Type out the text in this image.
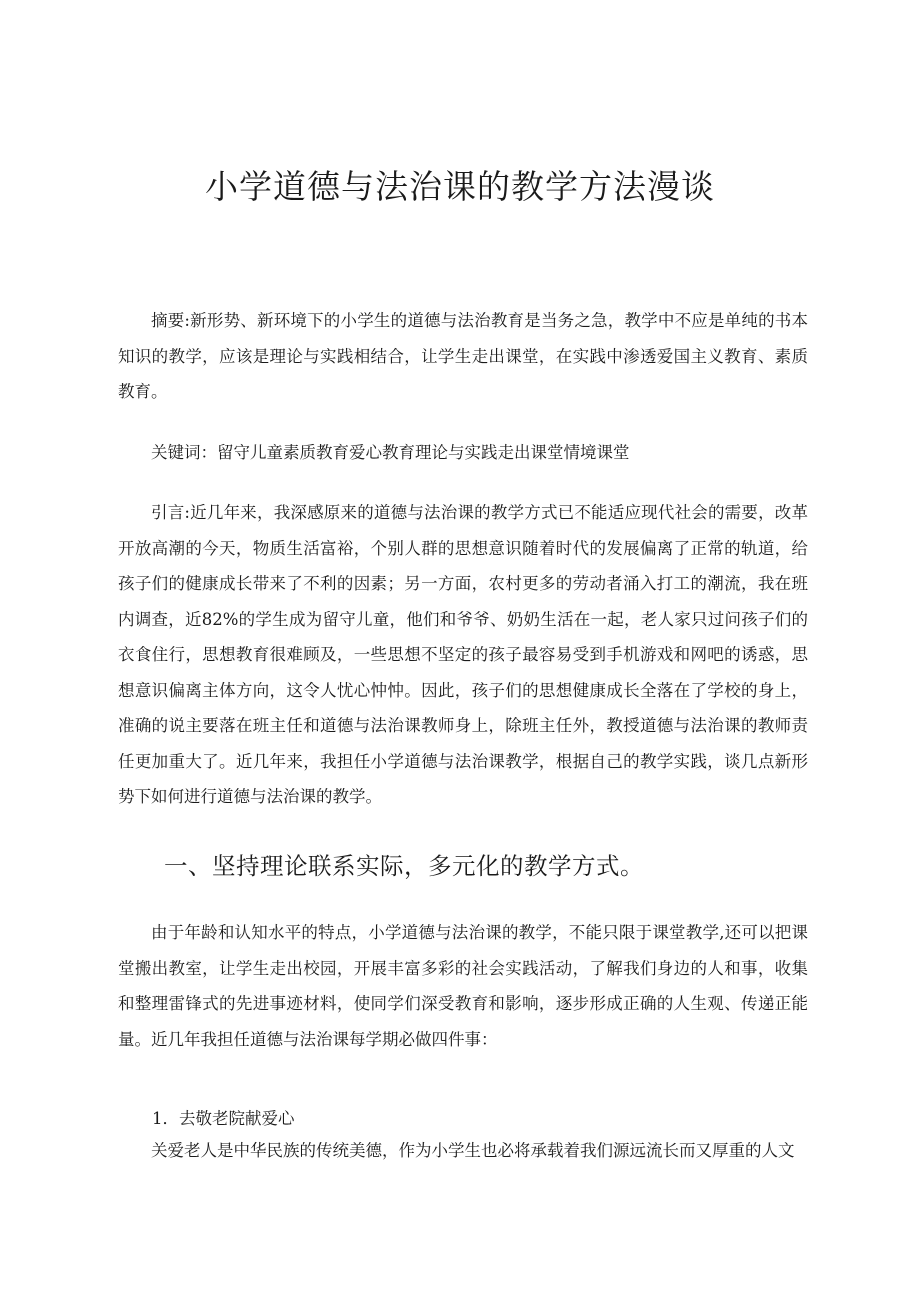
小学道德与法治课的教学方法漫谈

摘要:新形势、新环境下的小学生的道德与法治教育是当务之急，教学中不应是单纯的书本知识的教学，应该是理论与实践相结合，让学生走出课堂，在实践中渗透爱国主义教育、素质教育。

关键词：留守儿童素质教育爱心教育理论与实践走出课堂情境课堂

引言:近几年来，我深感原来的道德与法治课的教学方式已不能适应现代社会的需要，改革开放高潮的今天，物质生活富裕，个别人群的思想意识随着时代的发展偏离了正常的轨道，给孩子们的健康成长带来了不利的因素；另一方面，农村更多的劳动者涌入打工的潮流，我在班内调查，近82%的学生成为留守儿童，他们和爷爷、奶奶生活在一起，老人家只过问孩子们的衣食住行，思想教育很难顾及，一些思想不坚定的孩子最容易受到手机游戏和网吧的诱惑，思想意识偏离主体方向，这令人忧心忡忡。因此，孩子们的思想健康成长全落在了学校的身上，准确的说主要落在班主任和道德与法治课教师身上，除班主任外，教授道德与法治课的教师责任更加重大了。近几年来，我担任小学道德与法治课教学，根据自己的教学实践，谈几点新形势下如何进行道德与法治课的教学。

一、坚持理论联系实际，多元化的教学方式。

由于年龄和认知水平的特点，小学道德与法治课的教学，不能只限于课堂教学,还可以把课堂搬出教室，让学生走出校园，开展丰富多彩的社会实践活动，了解我们身边的人和事，收集和整理雷锋式的先进事迹材料，使同学们深受教育和影响，逐步形成正确的人生观、传递正能量。近几年我担任道德与法治课每学期必做四件事：

1．去敬老院献爱心

关爱老人是中华民族的传统美德，作为小学生也必将承载着我们源远流长而又厚重的人文
